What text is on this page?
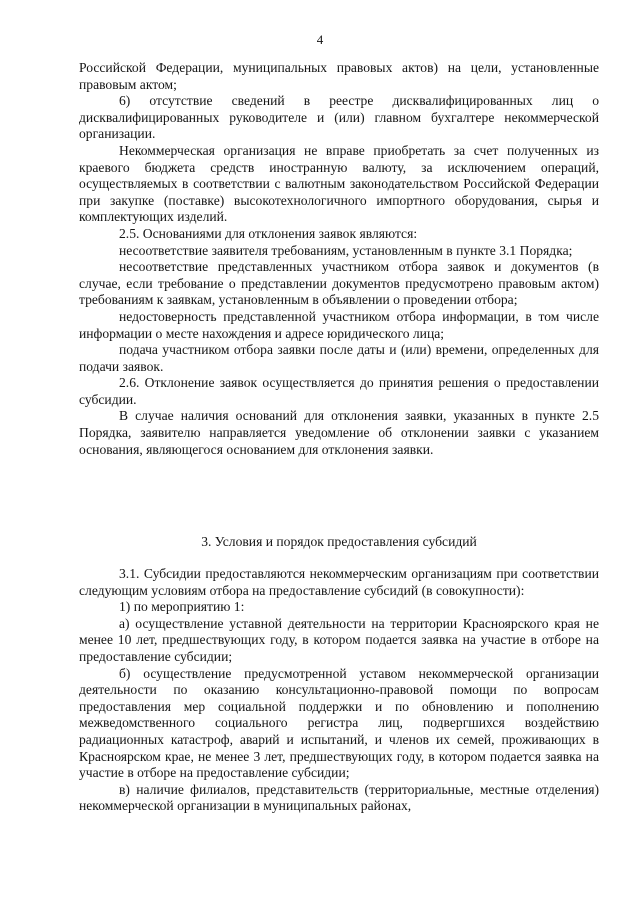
4

Российской Федерации, муниципальных правовых актов) на цели, установленные правовым актом;

6) отсутствие сведений в реестре дисквалифицированных лиц о дисквалифицированных руководителе и (или) главном бухгалтере некоммерческой организации.

Некоммерческая организация не вправе приобретать за счет полученных из краевого бюджета средств иностранную валюту, за исключением операций, осуществляемых в соответствии с валютным законодательством Российской Федерации при закупке (поставке) высокотехнологичного импортного оборудования, сырья и комплектующих изделий.

2.5. Основаниями для отклонения заявок являются:

несоответствие заявителя требованиям, установленным в пункте 3.1 Порядка;

несоответствие представленных участником отбора заявок и документов (в случае, если требование о представлении документов предусмотрено правовым актом) требованиям к заявкам, установленным в объявлении о проведении отбора;

недостоверность представленной участником отбора информации, в том числе информации о месте нахождения и адресе юридического лица;

подача участником отбора заявки после даты и (или) времени, определенных для подачи заявок.

2.6. Отклонение заявок осуществляется до принятия решения о предоставлении субсидии.

В случае наличия оснований для отклонения заявки, указанных в пункте 2.5 Порядка, заявителю направляется уведомление об отклонении заявки с указанием основания, являющегося основанием для отклонения заявки.

3. Условия и порядок предоставления субсидий

3.1. Субсидии предоставляются некоммерческим организациям при соответствии следующим условиям отбора на предоставление субсидий (в совокупности):

1) по мероприятию 1:

а) осуществление уставной деятельности на территории Красноярского края не менее 10 лет, предшествующих году, в котором подается заявка на участие в отборе на предоставление субсидии;

б) осуществление предусмотренной уставом некоммерческой организации деятельности по оказанию консультационно-правовой помощи по вопросам предоставления мер социальной поддержки и по обновлению и пополнению межведомственного социального регистра лиц, подвергшихся воздействию радиационных катастроф, аварий и испытаний, и членов их семей, проживающих в Красноярском крае, не менее 3 лет, предшествующих году, в котором подается заявка на участие в отборе на предоставление субсидии;

в) наличие филиалов, представительств (территориальные, местные отделения) некоммерческой организации в муниципальных районах,
